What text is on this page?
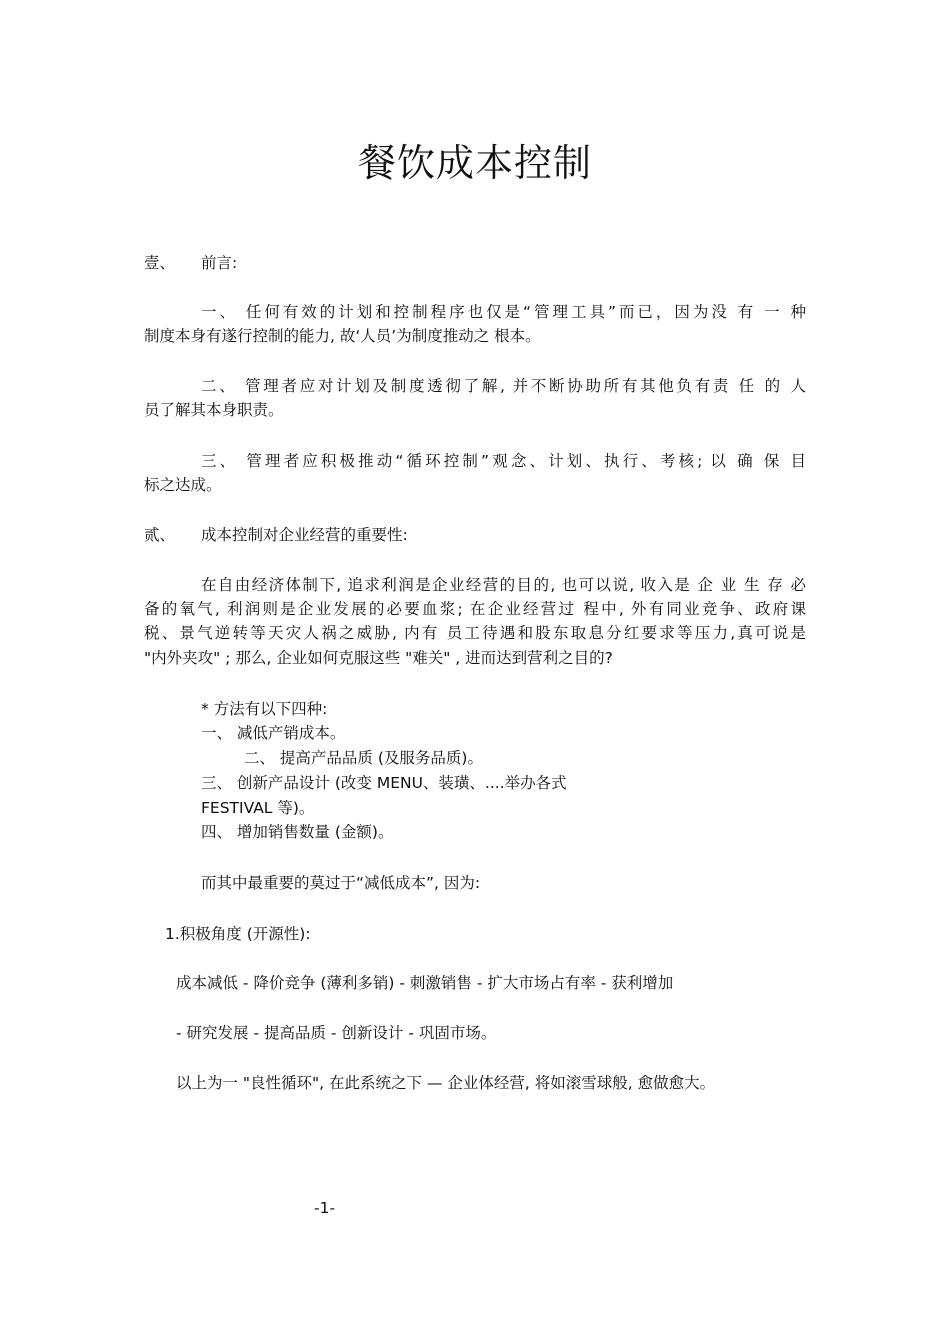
餐饮成本控制
壹、 前言:
一、 任何有效的计划和控制程序也仅是“管理工具”而已，因为没 有 一 种
制度本身有遂行控制的能力, 故‘人员’为制度推动之 根本。
二、 管理者应对计划及制度透彻了解, 并不断协助所有其他负有责 任 的 人
员了解其本身职责。
三、 管理者应积极推动“循环控制”观念、计划、执行、考核; 以 确 保 目
标之达成。
贰、 成本控制对企业经营的重要性:
在自由经济体制下, 追求利润是企业经营的目的, 也可以说, 收入是 企 业 生 存 必
备的氧气, 利润则是企业发展的必要血浆; 在企业经营过 程中, 外有同业竞争、政府课
税、景气逆转等天灾人祸之威胁, 内有 员工待遇和股东取息分红要求等压力,真可说是
"内外夹攻" ; 那么, 企业如何克服这些 "难关" , 进而达到营利之目的?
* 方法有以下四种:
一、 减低产销成本。
二、 提高产品品质 (及服务品质)。
三、 创新产品设计 (改变 MENU、装璜、....举办各式
FESTIVAL 等)。
四、 增加销售数量 (金额)。
而其中最重要的莫过于“减低成本”, 因为:
1.积极角度 (开源性):
成本减低 - 降价竞争 (薄利多销) - 刺激销售 - 扩大市场占有率 - 获利增加
- 研究发展 - 提高品质 - 创新设计 - 巩固市场。
以上为一 "良性循环", 在此系统之下 — 企业体经营, 将如滚雪球般, 愈做愈大。
-1-
